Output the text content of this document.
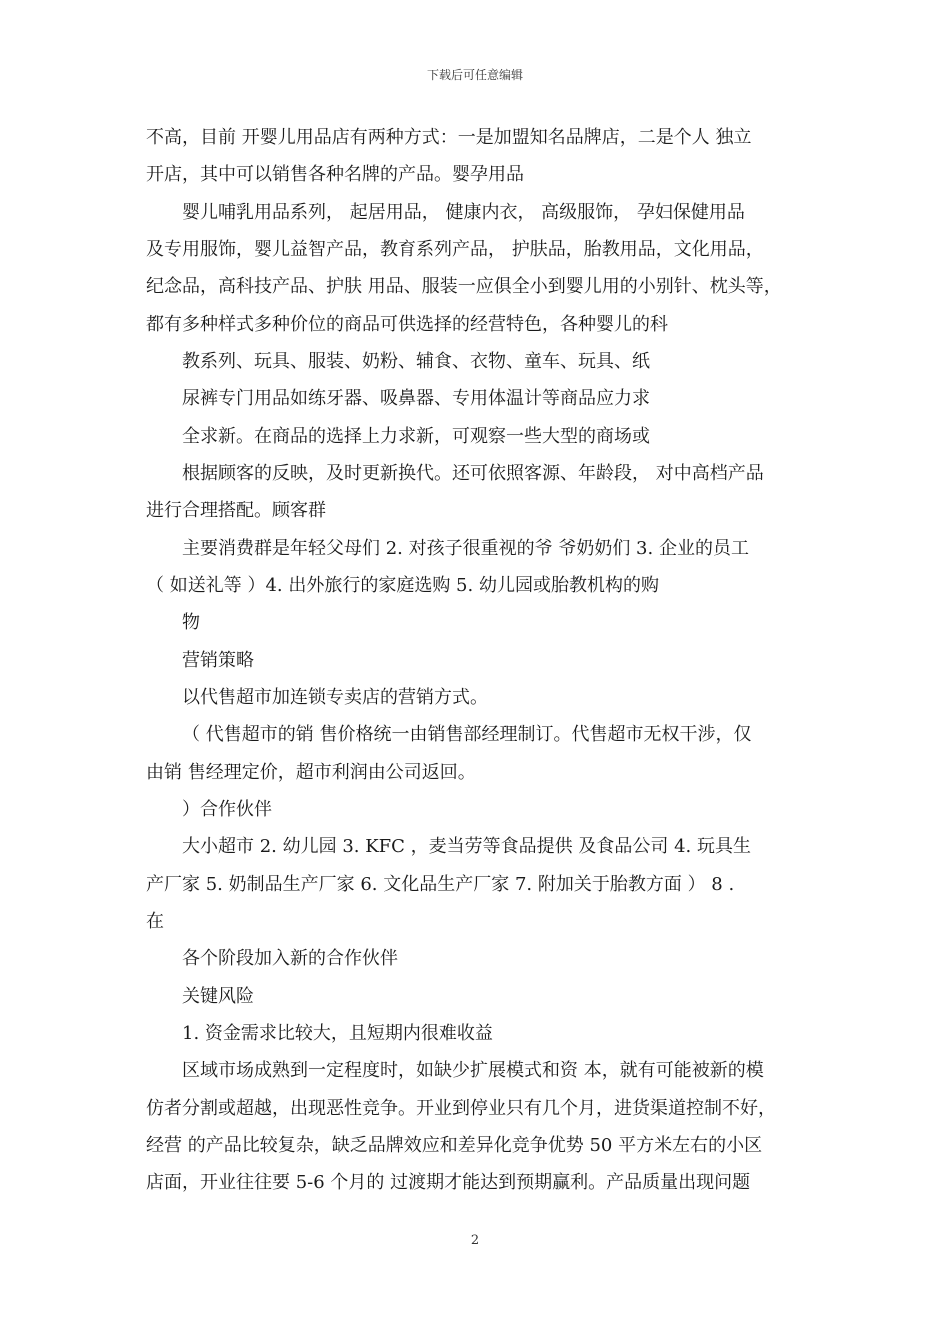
下载后可任意编辑
不高，目前 开婴儿用品店有两种方式：一是加盟知名品牌店，二是个人 独立
开店，其中可以销售各种名牌的产品。婴孕用品
婴儿哺乳用品系列， 起居用品， 健康内衣， 高级服饰， 孕妇保健用品
及专用服饰，婴儿益智产品，教育系列产品， 护肤品，胎教用品，文化用品，
纪念品，高科技产品、护肤 用品、服装一应俱全小到婴儿用的小别针、枕头等，
都有多种样式多种价位的商品可供选择的经营特色，各种婴儿的科
教系列、玩具、服装、奶粉、辅食、衣物、童车、玩具、纸
尿裤专门用品如练牙器、吸鼻器、专用体温计等商品应力求
全求新。在商品的选择上力求新，可观察一些大型的商场或
根据顾客的反映，及时更新换代。还可依照客源、年龄段， 对中高档产品
进行合理搭配。顾客群
主要消费群是年轻父母们 2. 对孩子很重视的爷 爷奶奶们 3. 企业的员工
（ 如送礼等 ）4. 出外旅行的家庭选购 5. 幼儿园或胎教机构的购
物
营销策略
以代售超市加连锁专卖店的营销方式。
（ 代售超市的销 售价格统一由销售部经理制订。代售超市无权干涉，仅
由销 售经理定价，超市利润由公司返回。
）合作伙伴
大小超市 2. 幼儿园 3. KFC ，麦当劳等食品提供 及食品公司 4. 玩具生
产厂家 5. 奶制品生产厂家 6. 文化品生产厂家 7. 附加关于胎教方面 ） 8 .
在
各个阶段加入新的合作伙伴
关键风险
1. 资金需求比较大，且短期内很难收益
区域市场成熟到一定程度时，如缺少扩展模式和资 本，就有可能被新的模
仿者分割或超越，出现恶性竞争。开业到停业只有几个月，进货渠道控制不好，
经营 的产品比较复杂，缺乏品牌效应和差异化竞争优势 50 平方米左右的小区
店面，开业往往要 5-6 个月的 过渡期才能达到预期赢利。产品质量出现问题
2
